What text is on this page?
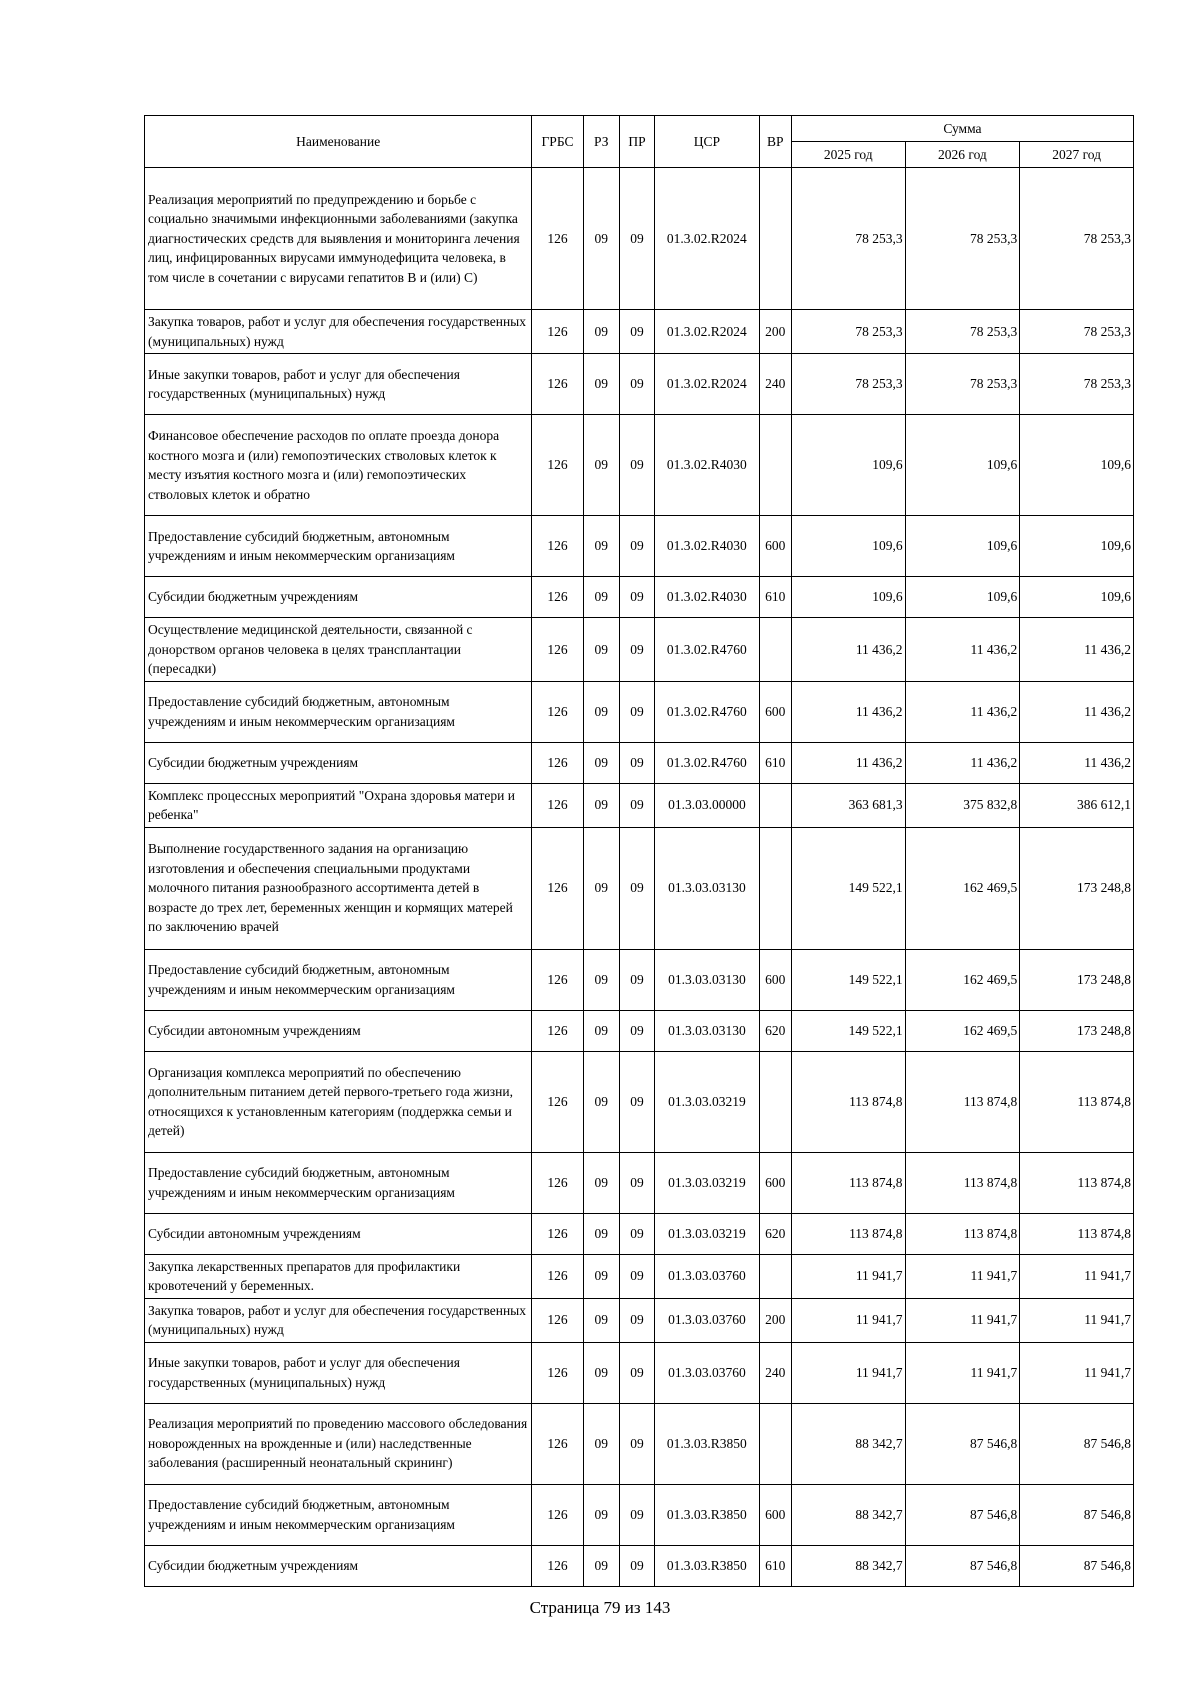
Наименование	ГРБС	РЗ	ПР	ЦСР	ВР	Сумма		
						2025 год	2026 год	2027 год
Реализация мероприятий по предупреждению и борьбе с социально значимыми инфекционными заболеваниями (закупка диагностических средств для выявления и мониторинга лечения лиц, инфицированных вирусами иммунодефицита человека, в том числе в сочетании с вирусами гепатитов В и (или) С)	126	09	09	01.3.02.R2024		78 253,3	78 253,3	78 253,3
Закупка товаров, работ и услуг для обеспечения государственных (муниципальных) нужд	126	09	09	01.3.02.R2024	200	78 253,3	78 253,3	78 253,3
Иные закупки товаров, работ и услуг для обеспечения государственных (муниципальных) нужд	126	09	09	01.3.02.R2024	240	78 253,3	78 253,3	78 253,3
Финансовое обеспечение расходов по оплате проезда донора костного мозга и (или) гемопоэтических стволовых клеток к месту изъятия костного мозга и (или) гемопоэтических стволовых клеток и обратно	126	09	09	01.3.02.R4030		109,6	109,6	109,6
Предоставление субсидий бюджетным, автономным учреждениям и иным некоммерческим организациям	126	09	09	01.3.02.R4030	600	109,6	109,6	109,6
Субсидии бюджетным учреждениям	126	09	09	01.3.02.R4030	610	109,6	109,6	109,6
Осуществление медицинской деятельности, связанной с донорством органов человека в целях трансплантации (пересадки)	126	09	09	01.3.02.R4760		11 436,2	11 436,2	11 436,2
Предоставление субсидий бюджетным, автономным учреждениям и иным некоммерческим организациям	126	09	09	01.3.02.R4760	600	11 436,2	11 436,2	11 436,2
Субсидии бюджетным учреждениям	126	09	09	01.3.02.R4760	610	11 436,2	11 436,2	11 436,2
Комплекс процессных мероприятий "Охрана здоровья матери и ребенка"	126	09	09	01.3.03.00000		363 681,3	375 832,8	386 612,1
Выполнение государственного задания на организацию изготовления и обеспечения специальными продуктами молочного питания разнообразного ассортимента детей в возрасте до трех лет, беременных женщин и кормящих матерей по заключению врачей	126	09	09	01.3.03.03130		149 522,1	162 469,5	173 248,8
Предоставление субсидий бюджетным, автономным учреждениям и иным некоммерческим организациям	126	09	09	01.3.03.03130	600	149 522,1	162 469,5	173 248,8
Субсидии автономным учреждениям	126	09	09	01.3.03.03130	620	149 522,1	162 469,5	173 248,8
Организация комплекса мероприятий по обеспечению дополнительным питанием детей первого-третьего года жизни, относящихся к установленным категориям (поддержка семьи и детей)	126	09	09	01.3.03.03219		113 874,8	113 874,8	113 874,8
Предоставление субсидий бюджетным, автономным учреждениям и иным некоммерческим организациям	126	09	09	01.3.03.03219	600	113 874,8	113 874,8	113 874,8
Субсидии автономным учреждениям	126	09	09	01.3.03.03219	620	113 874,8	113 874,8	113 874,8
Закупка лекарственных препаратов для профилактики кровотечений у беременных.	126	09	09	01.3.03.03760		11 941,7	11 941,7	11 941,7
Закупка товаров, работ и услуг для обеспечения государственных (муниципальных) нужд	126	09	09	01.3.03.03760	200	11 941,7	11 941,7	11 941,7
Иные закупки товаров, работ и услуг для обеспечения государственных (муниципальных) нужд	126	09	09	01.3.03.03760	240	11 941,7	11 941,7	11 941,7
Реализация мероприятий по проведению массового обследования новорожденных на врожденные и (или) наследственные заболевания (расширенный неонатальный скрининг)	126	09	09	01.3.03.R3850		88 342,7	87 546,8	87 546,8
Предоставление субсидий бюджетным, автономным учреждениям и иным некоммерческим организациям	126	09	09	01.3.03.R3850	600	88 342,7	87 546,8	87 546,8
Субсидии бюджетным учреждениям	126	09	09	01.3.03.R3850	610	88 342,7	87 546,8	87 546,8
Страница 79 из 143
